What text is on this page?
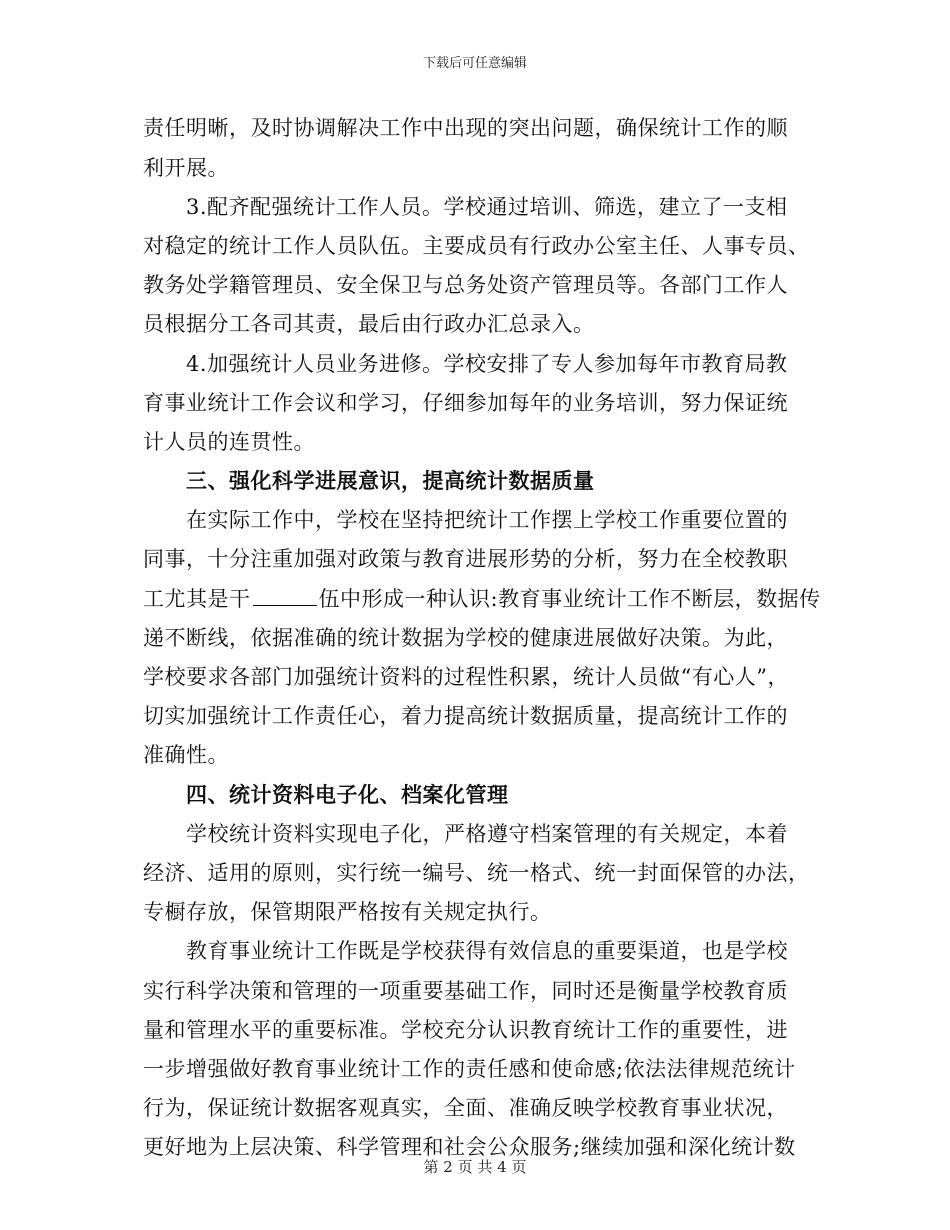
下载后可任意编辑
责任明晰，及时协调解决工作中出现的突出问题，确保统计工作的顺
利开展。
3.配齐配强统计工作人员。学校通过培训、筛选，建立了一支相
对稳定的统计工作人员队伍。主要成员有行政办公室主任、人事专员、
教务处学籍管理员、安全保卫与总务处资产管理员等。各部门工作人
员根据分工各司其责，最后由行政办汇总录入。
4.加强统计人员业务进修。学校安排了专人参加每年市教育局教
育事业统计工作会议和学习，仔细参加每年的业务培训，努力保证统
计人员的连贯性。
三、强化科学进展意识，提高统计数据质量
在实际工作中，学校在坚持把统计工作摆上学校工作重要位置的
同事，十分注重加强对政策与教育进展形势的分析，努力在全校教职
工尤其是干	伍中形成一种认识:教育事业统计工作不断层，数据传
递不断线，依据准确的统计数据为学校的健康进展做好决策。为此，
学校要求各部门加强统计资料的过程性积累，统计人员做“有心人”，
切实加强统计工作责任心，着力提高统计数据质量，提高统计工作的
准确性。
四、统计资料电子化、档案化管理
学校统计资料实现电子化，严格遵守档案管理的有关规定，本着
经济、适用的原则，实行统一编号、统一格式、统一封面保管的办法，
专橱存放，保管期限严格按有关规定执行。
教育事业统计工作既是学校获得有效信息的重要渠道，也是学校
实行科学决策和管理的一项重要基础工作，同时还是衡量学校教育质
量和管理水平的重要标准。学校充分认识教育统计工作的重要性，进
一步增强做好教育事业统计工作的责任感和使命感;依法法律规范统计
行为，保证统计数据客观真实，全面、准确反映学校教育事业状况，
更好地为上层决策、科学管理和社会公众服务;继续加强和深化统计数
第 2 页 共 4 页
